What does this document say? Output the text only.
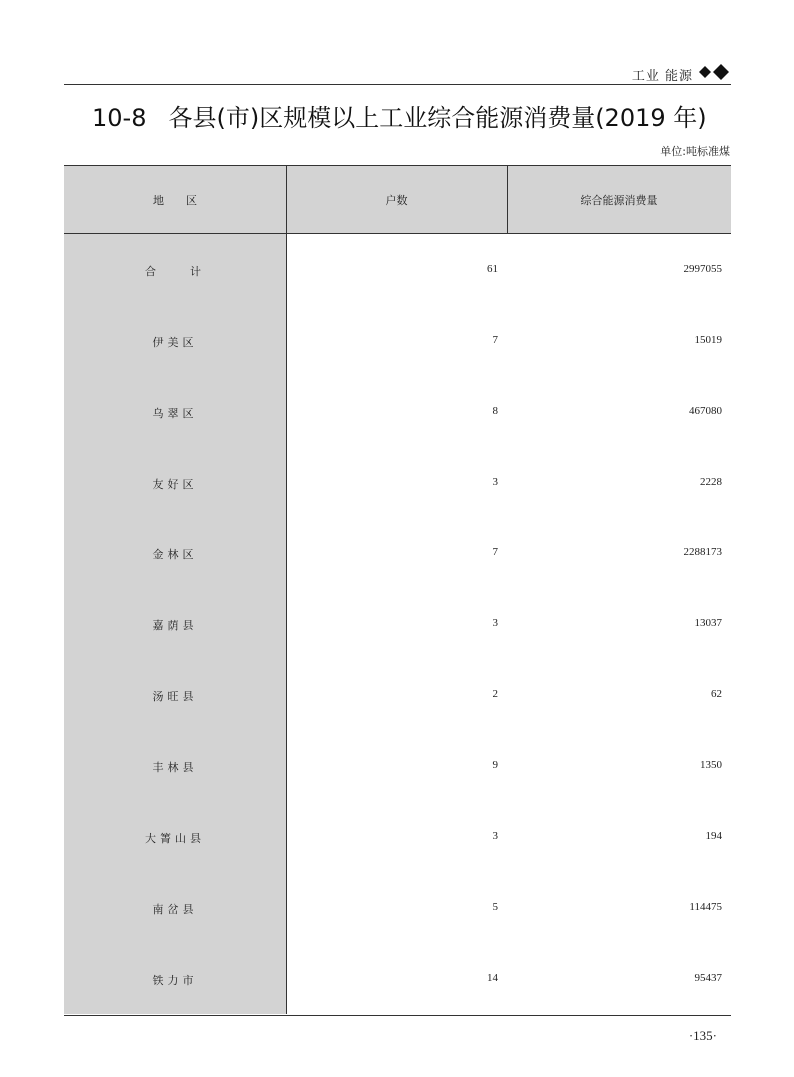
工业 能源
10-8 各县(市)区规模以上工业综合能源消费量(2019 年)
单位:吨标准煤
地　　区	户数	综合能源消费量
合　　计	61	2997055
伊美区	7	15019
乌翠区	8	467080
友好区	3	2228
金林区	7	2288173
嘉荫县	3	13037
汤旺县	2	62
丰林县	9	1350
大箐山县	3	194
南岔县	5	114475
铁力市	14	95437
·135·
